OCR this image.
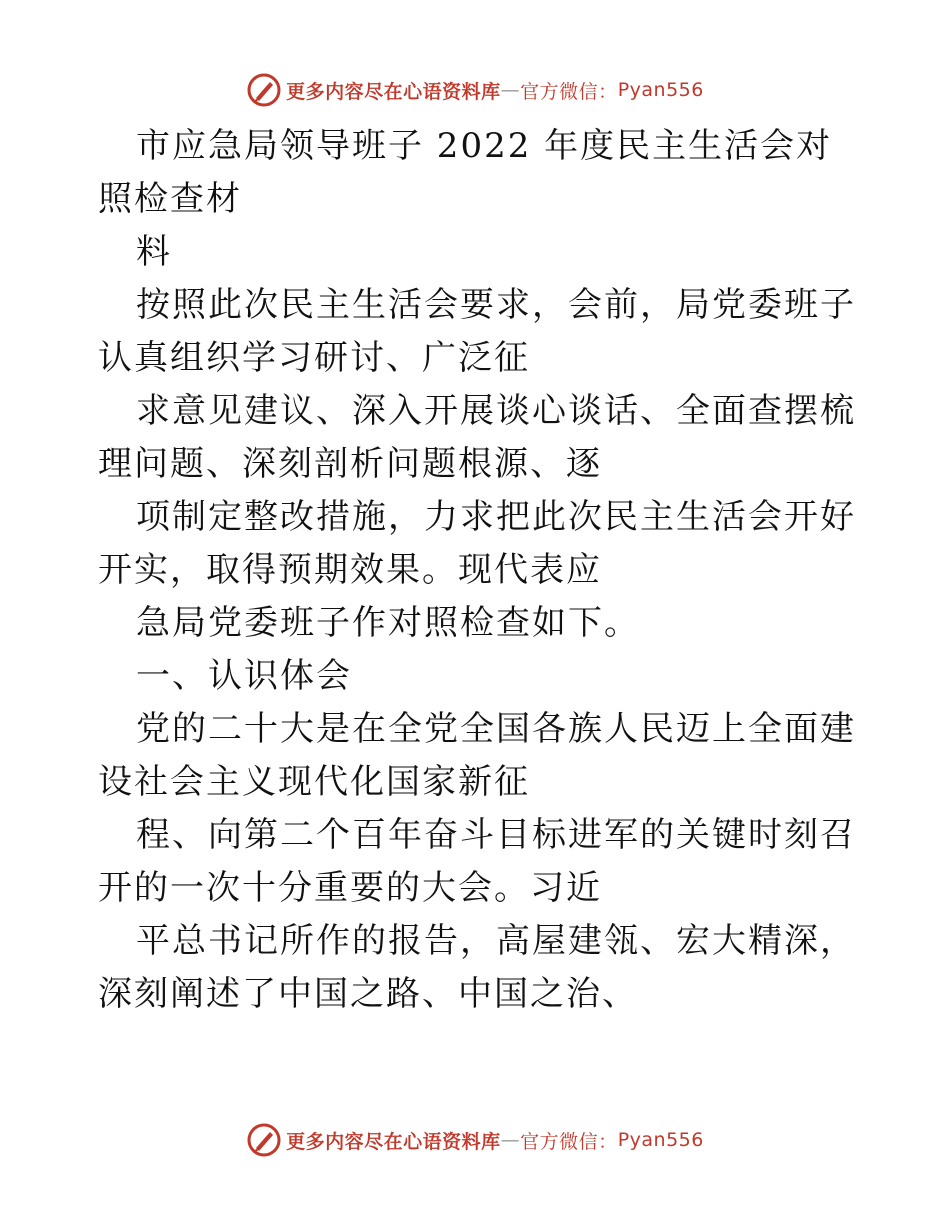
更多内容尽在心语资料库 — 官方微信： Pyan556

市应急局领导班子 2022 年度民主生活会对照检查材

料

按照此次民主生活会要求，会前，局党委班子认真组织学习研讨、广泛征

求意见建议、深入开展谈心谈话、全面查摆梳理问题、深刻剖析问题根源、逐

项制定整改措施，力求把此次民主生活会开好开实，取得预期效果。现代表应

急局党委班子作对照检查如下。

一、认识体会

党的二十大是在全党全国各族人民迈上全面建设社会主义现代化国家新征

程、向第二个百年奋斗目标进军的关键时刻召开的一次十分重要的大会。习近

平总书记所作的报告，高屋建瓴、宏大精深，深刻阐述了中国之路、中国之治、

更多内容尽在心语资料库 — 官方微信： Pyan556
